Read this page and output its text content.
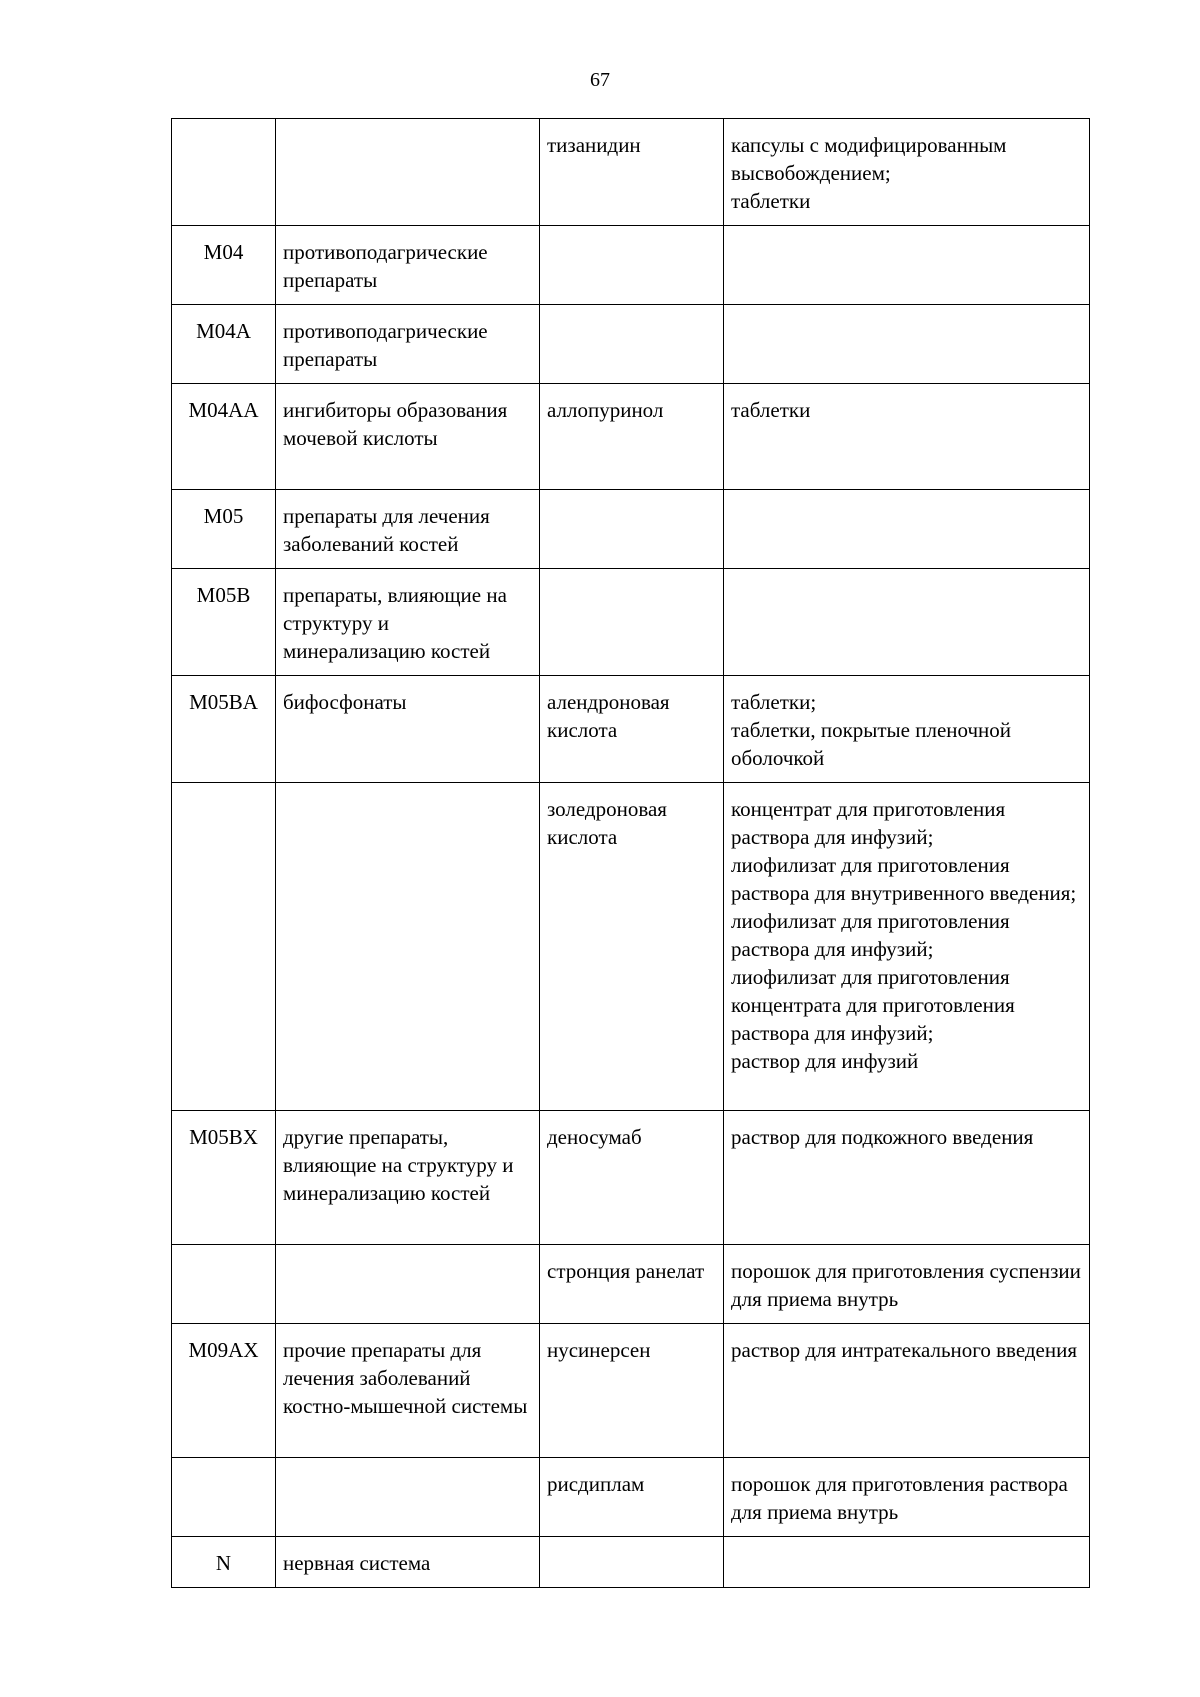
67
		тизанидин	капсулы с модифицированным высвобождением;
таблетки

M04	противоподагрические препараты		
M04A	противоподагрические препараты		
M04AA	ингибиторы образования мочевой кислоты	аллопуринол	таблетки

M05	препараты для лечения заболеваний костей		
M05B	препараты, влияющие на структуру и минерализацию костей		
M05BA	бифосфонаты	алендроновая кислота	таблетки;
таблетки, покрытые пленочной оболочкой

		золедроновая кислота	концентрат для приготовления раствора для инфузий;
лиофилизат для приготовления раствора для внутривенного введения;
лиофилизат для приготовления раствора для инфузий;
лиофилизат для приготовления концентрата для приготовления раствора для инфузий;
раствор для инфузий

M05BX	другие препараты, влияющие на структуру и минерализацию костей	деносумаб	раствор для подкожного введения

		стронция ранелат	порошок для приготовления суспензии для приема внутрь

M09AX	прочие препараты для лечения заболеваний костно-мышечной системы	нусинерсен	раствор для интратекального введения

		рисдиплам	порошок для приготовления раствора для приема внутрь

N	нервная система		
